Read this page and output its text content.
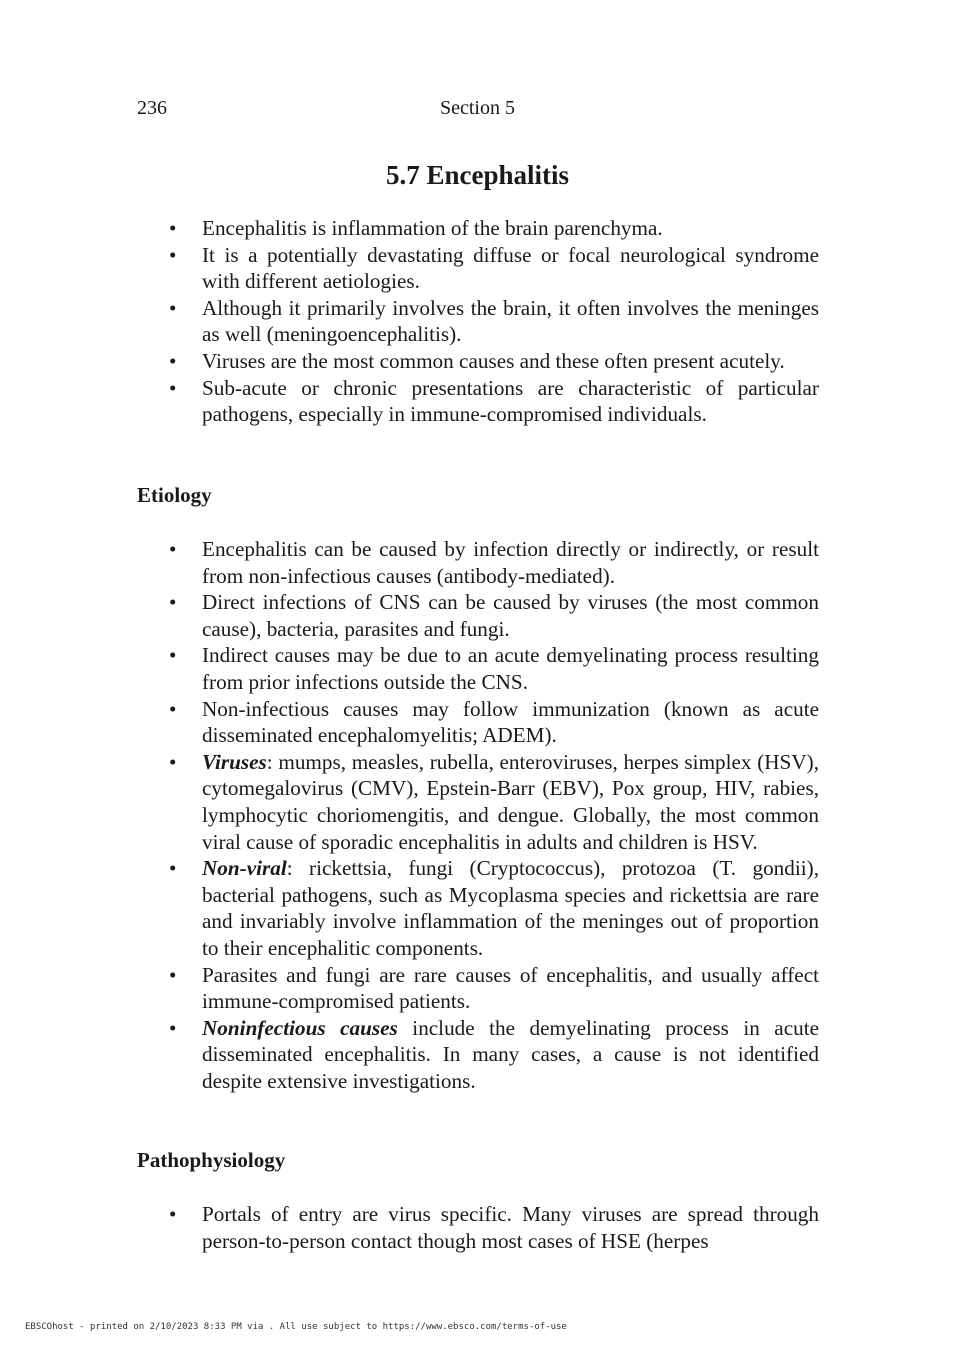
236	Section 5
5.7 Encephalitis
• Encephalitis is inflammation of the brain parenchyma.
• It is a potentially devastating diffuse or focal neurological syndrome with different aetiologies.
• Although it primarily involves the brain, it often involves the meninges as well (meningoencephalitis).
• Viruses are the most common causes and these often present acutely.
• Sub-acute or chronic presentations are characteristic of particular pathogens, especially in immune-compromised individuals.
Etiology
• Encephalitis can be caused by infection directly or indirectly, or result from non-infectious causes (antibody-mediated).
• Direct infections of CNS can be caused by viruses (the most common cause), bacteria, parasites and fungi.
• Indirect causes may be due to an acute demyelinating process resulting from prior infections outside the CNS.
• Non-infectious causes may follow immunization (known as acute disseminated encephalomyelitis; ADEM).
• Viruses: mumps, measles, rubella, enteroviruses, herpes simplex (HSV), cytomegalovirus (CMV), Epstein-Barr (EBV), Pox group, HIV, rabies, lymphocytic choriomengitis, and dengue. Globally, the most common viral cause of sporadic encephalitis in adults and children is HSV.
• Non-viral: rickettsia, fungi (Cryptococcus), protozoa (T. gondii), bacterial pathogens, such as Mycoplasma species and rickettsia are rare and invariably involve inflammation of the meninges out of proportion to their encephalitic components.
• Parasites and fungi are rare causes of encephalitis, and usually affect immune-compromised patients.
• Noninfectious causes include the demyelinating process in acute disseminated encephalitis. In many cases, a cause is not identified despite extensive investigations.
Pathophysiology
• Portals of entry are virus specific. Many viruses are spread through person-to-person contact though most cases of HSE (herpes
EBSCOhost - printed on 2/10/2023 8:33 PM via . All use subject to https://www.ebsco.com/terms-of-use
